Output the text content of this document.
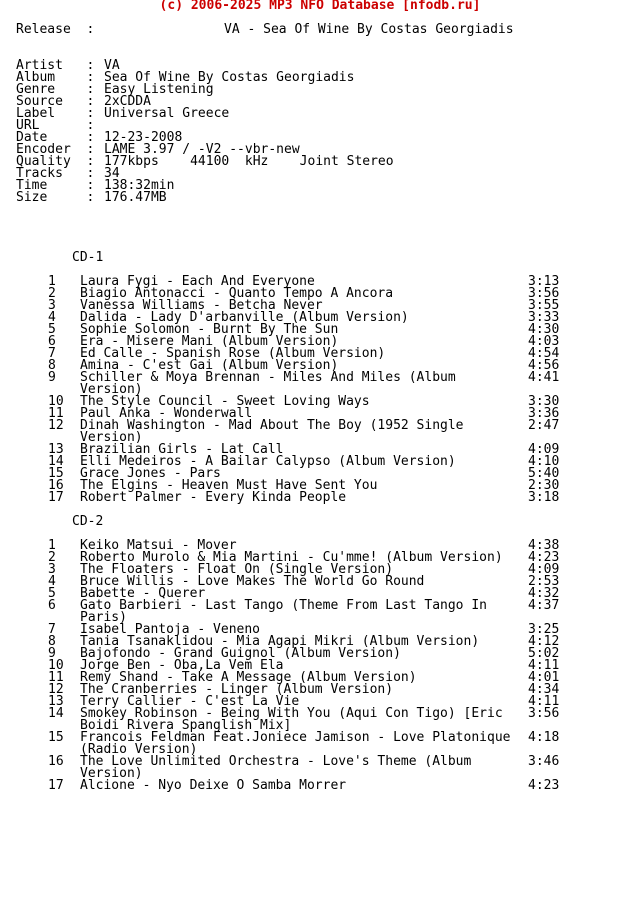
(c) 2006-2025 MP3 NFO Database [nfodb.ru]
Release  :	VA - Sea Of Wine By Costas Georgiadis
Artist   : VA
Album    : Sea Of Wine By Costas Georgiadis
Genre    : Easy Listening
Source   : 2xCDDA
Label    : Universal Greece
URL      :
Date     : 12-23-2008
Encoder  : LAME 3.97 / -V2 --vbr-new
Quality  : 177kbps    44100  kHz    Joint Stereo
Tracks   : 34
Time     : 138:32min
Size     : 176.47MB
CD-1
1 Laura Fygi - Each And Everyone	3:13
2 Biagio Antonacci - Quanto Tempo A Ancora	3:56
3 Vanessa Williams - Betcha Never	3:55
4 Dalida - Lady D'arbanville (Album Version)	3:33
5 Sophie Solomon - Burnt By The Sun	4:30
6 Era - Misere Mani (Album Version)	4:03
7 Ed Calle - Spanish Rose (Album Version)	4:54
8 Amina - C'est Gai (Album Version)	4:56
9 Schiller & Moya Brennan - Miles And Miles (Album Version)
4:41
10 The Style Council - Sweet Loving Ways	3:30
11 Paul Anka - Wonderwall	3:36
12 Dinah Washington - Mad About The Boy (1952 Single Version)
2:47
13 Brazilian Girls - Lat Call	4:09
14 Elli Medeiros - A Bailar Calypso (Album Version)	4:10
15 Grace Jones - Pars	5:40
16 The Elgins - Heaven Must Have Sent You	2:30
17 Robert Palmer - Every Kinda People	3:18
CD-2
1 Keiko Matsui - Mover	4:38
2 Roberto Murolo & Mia Martini - Cu'mme! (Album Version)	4:23
3 The Floaters - Float On (Single Version)	4:09
4 Bruce Willis - Love Makes The World Go Round	2:53
5 Babette - Querer	4:32
6 Gato Barbieri - Last Tango (Theme From Last Tango In Paris)
4:37
7 Isabel Pantoja - Veneno	3:25
8 Tania Tsanaklidou - Mia Agapi Mikri (Album Version)	4:12
9 Bajofondo - Grand Guignol (Album Version)	5:02
10 Jorge Ben - Oba,La Vem Ela	4:11
11 Remy Shand - Take A Message (Album Version)	4:01
12 The Cranberries - Linger (Album Version)	4:34
13 Terry Callier - C'est La Vie	4:11
14 Smokey Robinson - Being With You (Aqui Con Tigo) [Eric Boidi Rivera Spanglish Mix]
3:56
15 Francois Feldman Feat.Joniece Jamison - Love Platonique (Radio Version)
4:18
16 The Love Unlimited Orchestra - Love's Theme (Album Version)
3:46
17 Alcione - Nyo Deixe O Samba Morrer	4:23
